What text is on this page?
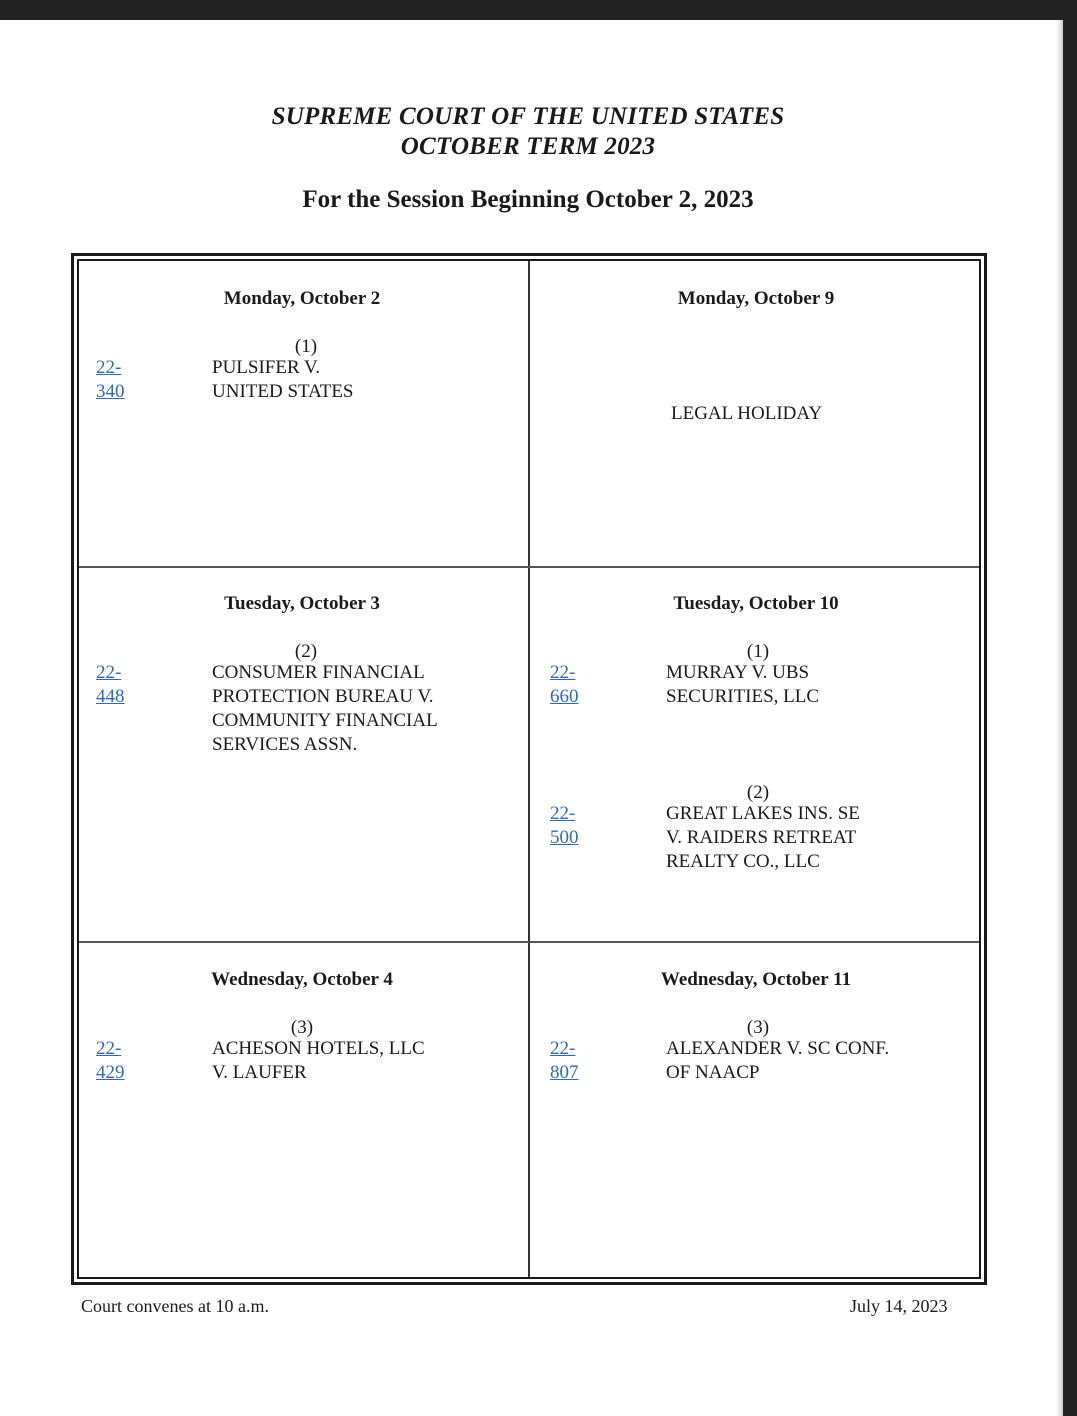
SUPREME COURT OF THE UNITED STATES
OCTOBER TERM 2023
For the Session Beginning October 2, 2023
Monday, October 2
(1)
22-340
PULSIFER V.
UNITED STATES
Monday, October 9
LEGAL HOLIDAY
Tuesday, October 3
(2)
22-448
CONSUMER FINANCIAL
PROTECTION BUREAU V.
COMMUNITY FINANCIAL
SERVICES ASSN.
Tuesday, October 10
(1)
22-660
MURRAY V. UBS
SECURITIES, LLC
(2)
22-500
GREAT LAKES INS. SE
V. RAIDERS RETREAT
REALTY CO., LLC
Wednesday, October 4
(3)
22-429
ACHESON HOTELS, LLC
V. LAUFER
Wednesday, October 11
(3)
22-807
ALEXANDER V. SC CONF.
OF NAACP
Court convenes at 10 a.m.	July 14, 2023
